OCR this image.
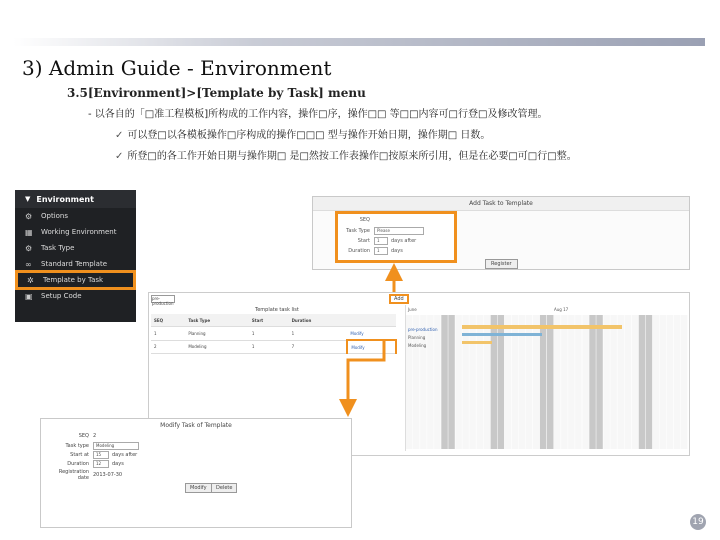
3) Admin Guide - Environment
3.5[Environment]>[Template by Task] menu
- 以各自的「□准工程模板]所构成的工作内容，操作□序，操作□□ 等□□内容可□行登□及修改管理。
✓ 可以登□以各模板操作□序构成的操作□□□ 型与操作开始日期，操作期□ 日数。
✓ 所登□的各工作开始日期与操作期□ 是□然按工作表操作□按原来所引用，但是在必要□可□行□整。
▼ Environment
⚙	Options
▦	Working Environment
⚙	Task Type
∞	Standard Template
✲	Template by Task
▣	Setup Code
Add Task to Template
SEQ
Task Type	Please
Start	1	days after
Duration	1	days
Register
pre-production
Add
Template task list
SEQ	Task Type	Start	Duration	
1	Planning	1	1	Modify
2	Modeling	1	7	Modify
June	Aug 17
pre-production
Planning
Modeling
Modify Task of Template
SEQ 2
Task type	Modeling
Start at	15	days after
Duration	12	days
Registration date 2013-07-30
Modify	Delete
19
